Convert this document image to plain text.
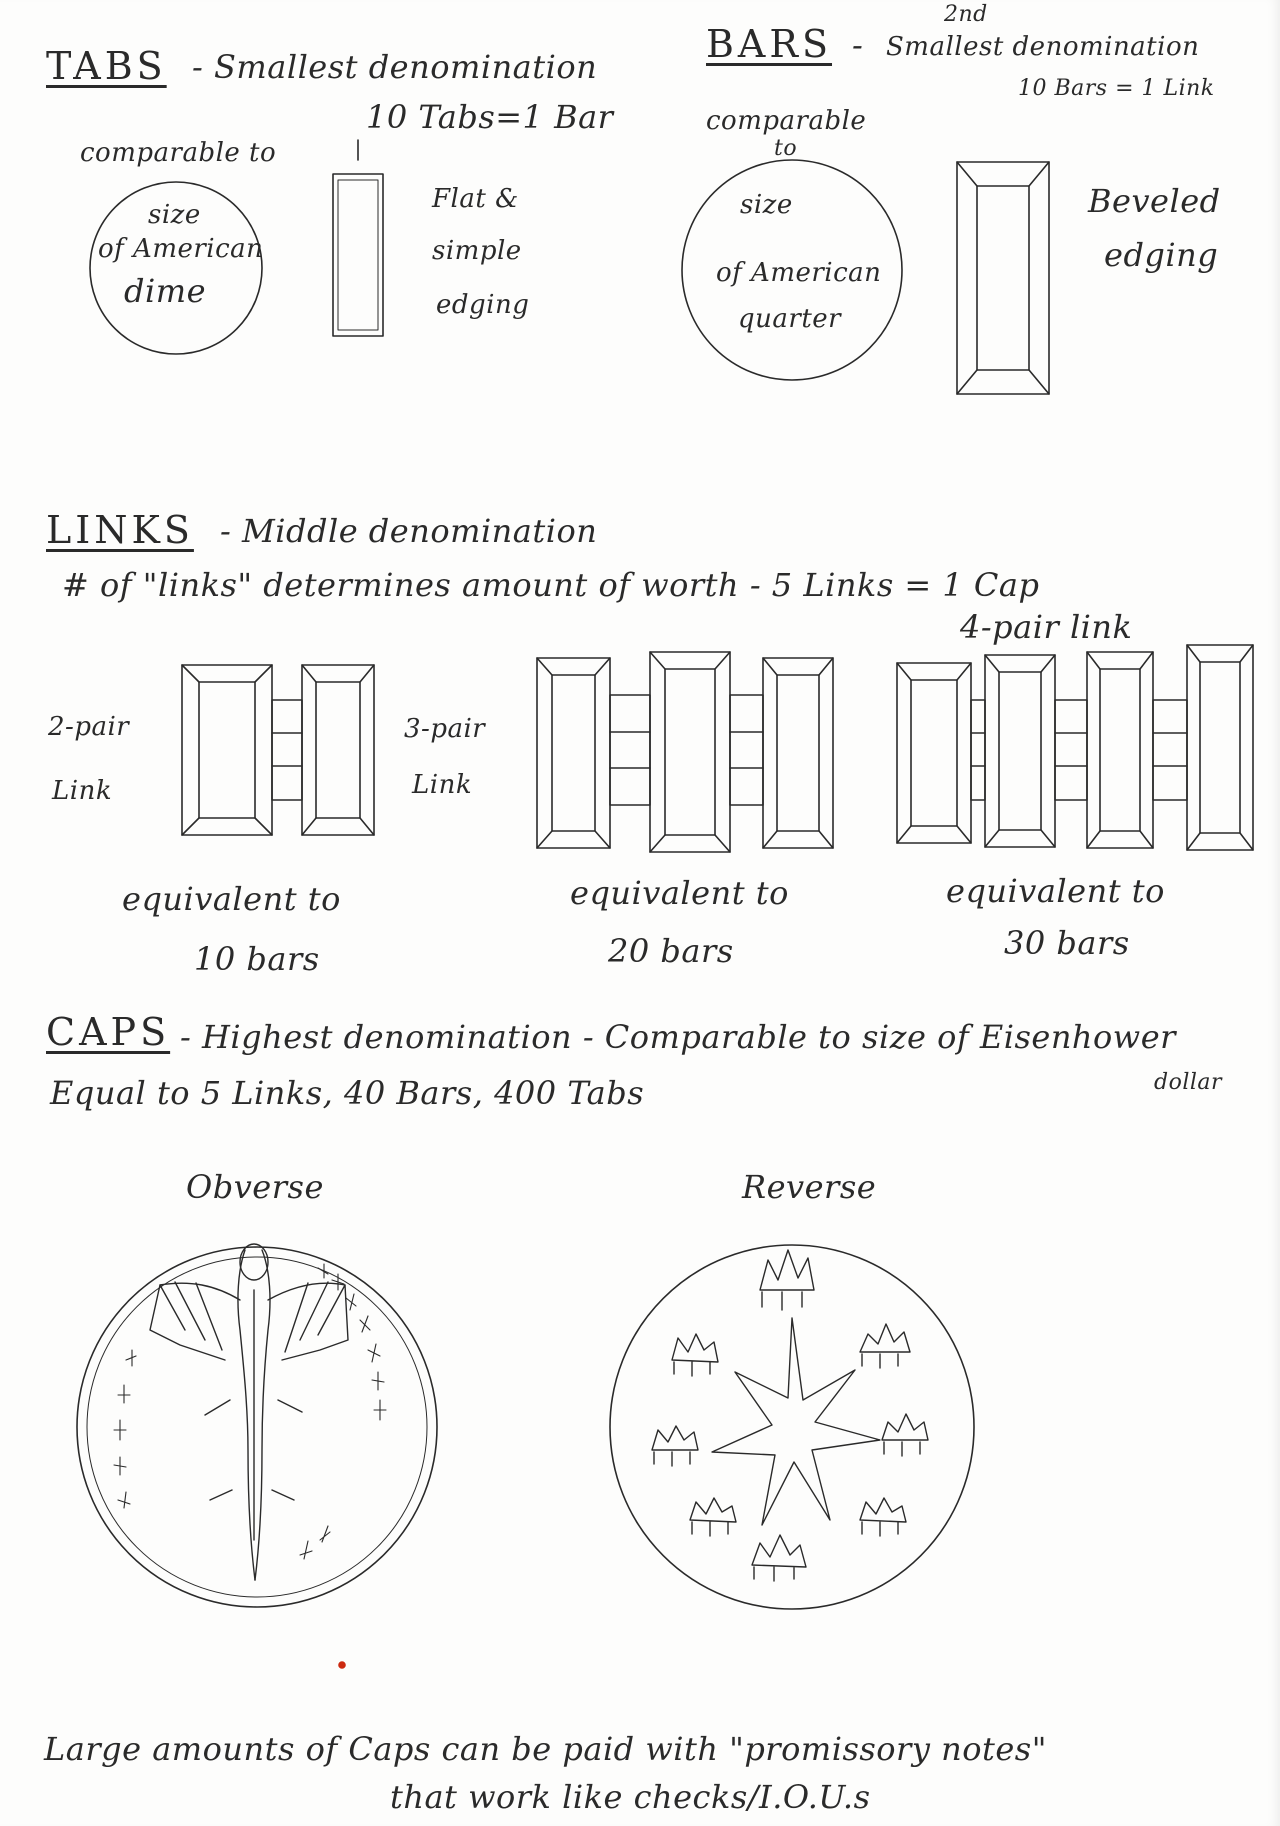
TABS - Smallest denomination
10 Tabs=1 Bar
comparable to
size
of American
dime
Flat &
simple
edging
BARS -
2nd
Smallest denomination
10 Bars = 1 Link
comparable
to
size
of American
quarter
Beveled
edging
LINKS - Middle denomination
# of "links" determines amount of worth - 5 Links = 1 Cap
4-pair link
2-pair
Link
3-pair
Link
equivalent to
10 bars
equivalent to
20 bars
equivalent to
30 bars
CAPS - Highest denomination - Comparable to size of Eisenhower
dollar
Equal to 5 Links, 40 Bars, 400 Tabs
Obverse	Reverse
Large amounts of Caps can be paid with "promissory notes"
that work like checks/I.O.U.s
